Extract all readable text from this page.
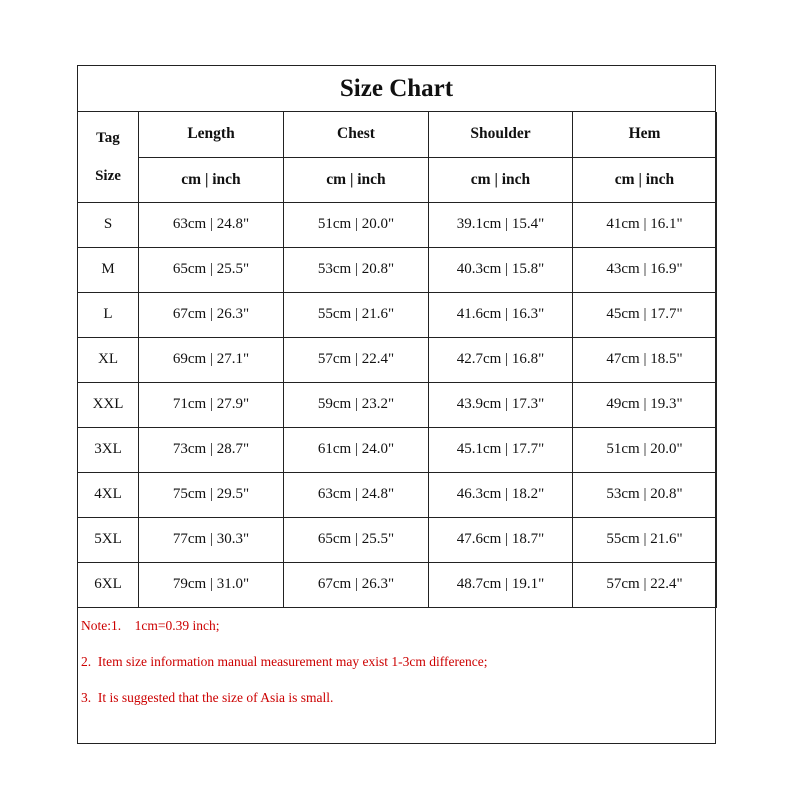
Size Chart
Tag
Size	Length	Chest	Shoulder	Hem
	cm | inch	cm | inch	cm | inch	cm | inch
S	63cm | 24.8"	51cm | 20.0"	39.1cm | 15.4"	41cm | 16.1"
M	65cm | 25.5"	53cm | 20.8"	40.3cm | 15.8"	43cm | 16.9"
L	67cm | 26.3"	55cm | 21.6"	41.6cm | 16.3"	45cm | 17.7"
XL	69cm | 27.1"	57cm | 22.4"	42.7cm | 16.8"	47cm | 18.5"
XXL	71cm | 27.9"	59cm | 23.2"	43.9cm | 17.3"	49cm | 19.3"
3XL	73cm | 28.7"	61cm | 24.0"	45.1cm | 17.7"	51cm | 20.0"
4XL	75cm | 29.5"	63cm | 24.8"	46.3cm | 18.2"	53cm | 20.8"
5XL	77cm | 30.3"	65cm | 25.5"	47.6cm | 18.7"	55cm | 21.6"
6XL	79cm | 31.0"	67cm | 26.3"	48.7cm | 19.1"	57cm | 22.4"
Note:1.    1cm=0.39 inch;
2.  Item size information manual measurement may exist 1-3cm difference;
3.  It is suggested that the size of Asia is small.
